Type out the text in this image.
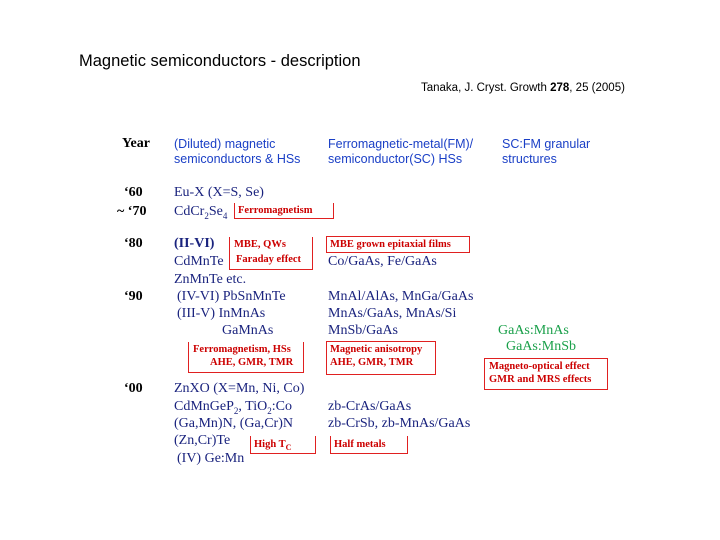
Magnetic semiconductors - description
Tanaka, J. Cryst. Growth 278, 25 (2005)
Year (Diluted) magnetic
semiconductors & HSs
Ferromagnetic-metal(FM)/
semiconductor(SC) HSs
SC:FM granular
structures
‘60
~ ‘70
‘80
‘90
‘00
Eu-X (X=S, Se)
$CdCr_2Se_4$
(II-VI)
CdMnTe
ZnMnTe etc.
(IV-VI) PbSnMnTe
(III-V) InMnAs
GaMnAs
ZnXO (X=Mn, Ni, Co)
CdMnGeP$_2$, TiO$_2$:Co
(Ga,Mn)N, (Ga,Cr)N
(Zn,Cr)Te
(IV) Ge:Mn
Co/GaAs, Fe/GaAs
MnAl/AlAs, MnGa/GaAs
MnAs/GaAs, MnAs/Si
MnSb/GaAs
zb-CrAs/GaAs
zb-CrSb, zb-MnAs/GaAs
GaAs:MnAs
GaAs:MnSb
Ferromagnetism
MBE, QWs
Faraday effect
MBE grown epitaxial films
Ferromagnetism, HSs
AHE, GMR, TMR
Magnetic anisotropy
AHE, GMR, TMR	Magneto-optical effect
GMR and MRS effects
High $T_C$	Half metals
